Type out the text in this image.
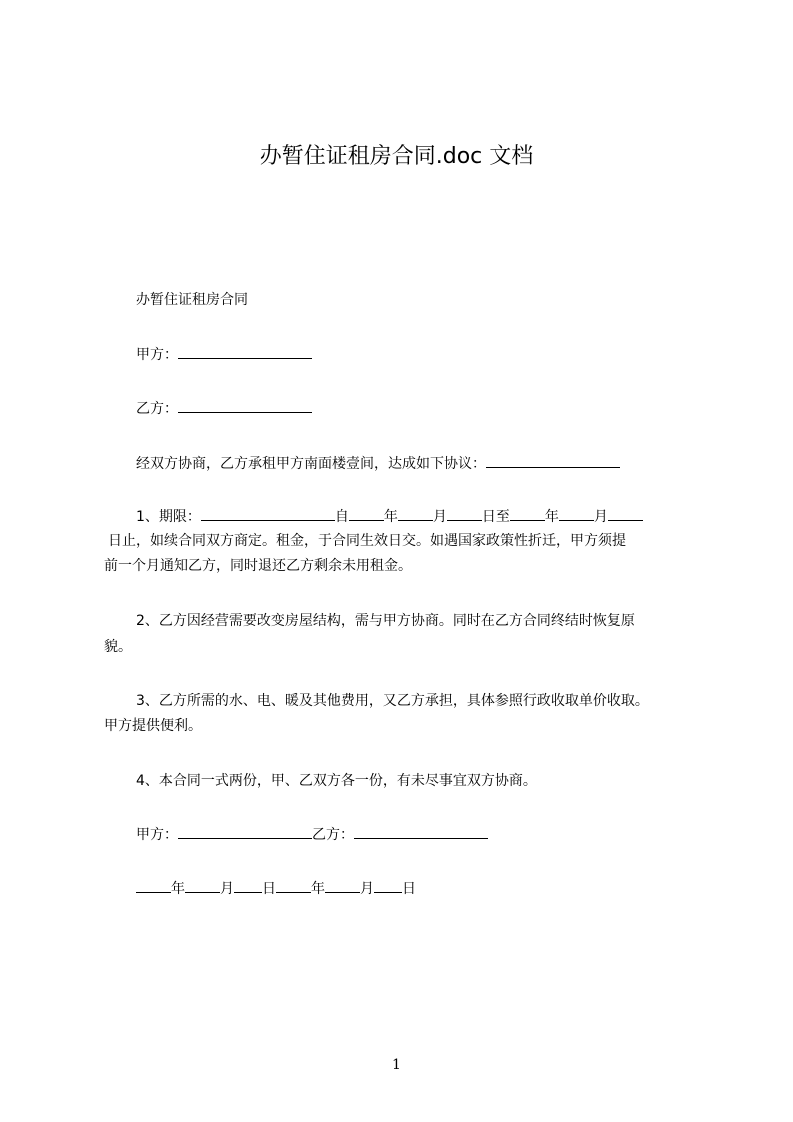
办暂住证租房合同.doc 文档
办暂住证租房合同
甲方：
乙方：
经双方协商，乙方承租甲方南面楼壹间，达成如下协议：
1、期限：	自	年	月	日至	年	月
日止，如续合同双方商定。租金，于合同生效日交。如遇国家政策性折迁，甲方须提
前一个月通知乙方，同时退还乙方剩余未用租金。
2、乙方因经营需要改变房屋结构，需与甲方协商。同时在乙方合同终结时恢复原
貌。
3、乙方所需的水、电、暖及其他费用，又乙方承担，具体参照行政收取单价收取。
甲方提供便利。
4、本合同一式两份，甲、乙双方各一份，有未尽事宜双方协商。
甲方：	乙方：
年	月 日	年	月 日
1
